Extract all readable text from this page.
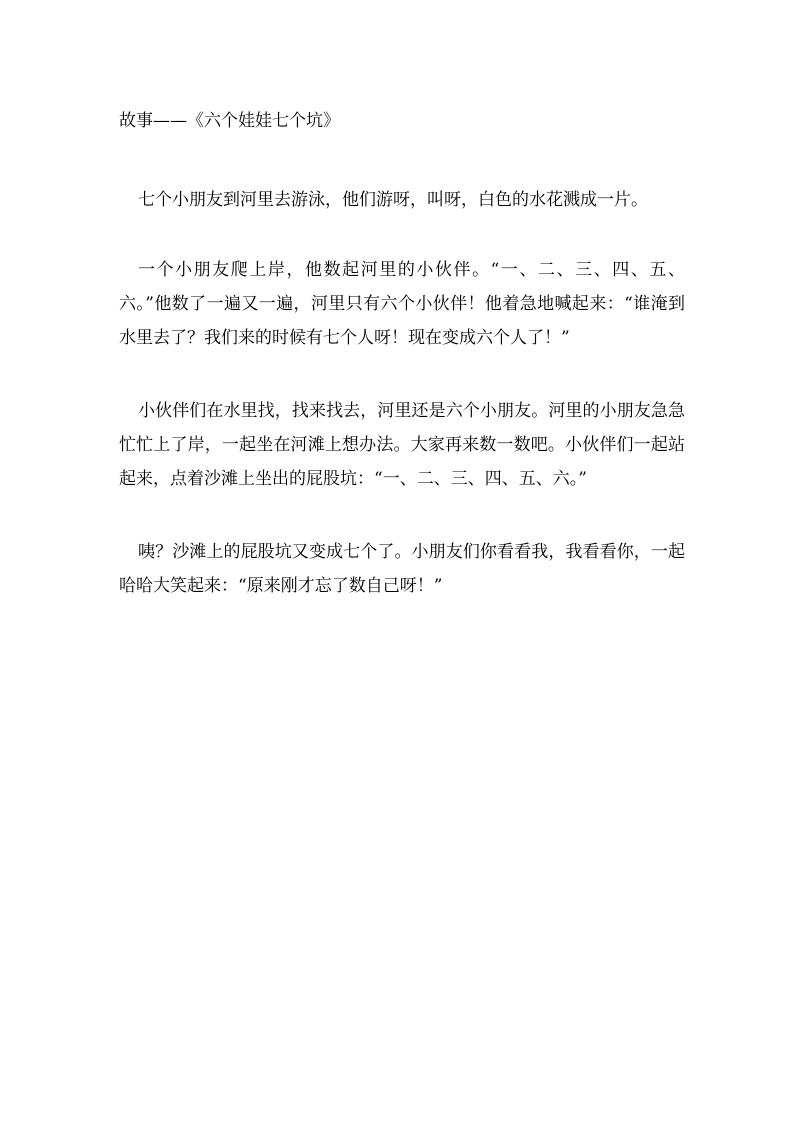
故事——《六个娃娃七个坑》

七个小朋友到河里去游泳，他们游呀，叫呀，白色的水花溅成一片。

一个小朋友爬上岸，他数起河里的小伙伴。“一、二、三、四、五、六。”他数了一遍又一遍，河里只有六个小伙伴！他着急地喊起来：“谁淹到水里去了？我们来的时候有七个人呀！现在变成六个人了！”

小伙伴们在水里找，找来找去，河里还是六个小朋友。河里的小朋友急急忙忙上了岸，一起坐在河滩上想办法。大家再来数一数吧。小伙伴们一起站起来，点着沙滩上坐出的屁股坑：“一、二、三、四、五、六。”

咦？沙滩上的屁股坑又变成七个了。小朋友们你看看我，我看看你，一起哈哈大笑起来：“原来刚才忘了数自己呀！”
